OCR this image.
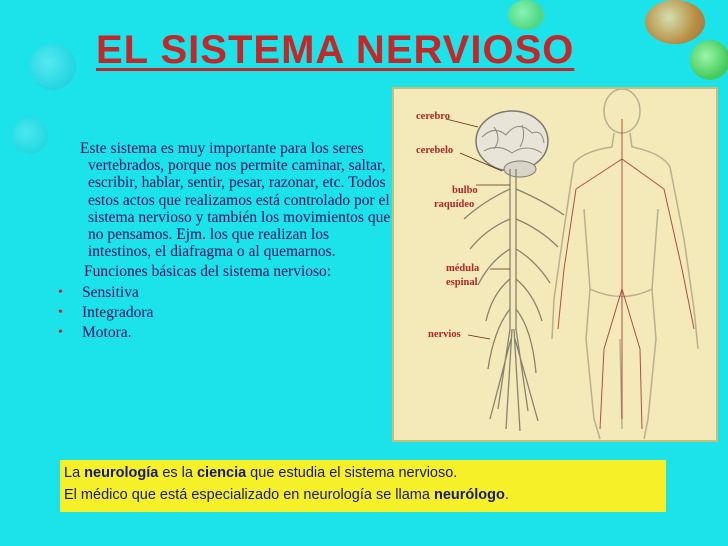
EL SISTEMA NERVIOSO

Este sistema es muy importante para los seres vertebrados, porque nos permite caminar, saltar, escribir, hablar, sentir, pesar, razonar, etc. Todos estos actos que realizamos está controlado por el sistema nervioso y también los movimientos que no pensamos. Ejm. los que realizan los intestinos, el diafragma o al quemarnos.

Funciones básicas del sistema nervioso:

• Sensitiva
• Integradora
• Motora.
cerebro
cerebelo
bulbo
raquídeo
médula
espinal
nervios
La neurología es la ciencia que estudia el sistema nervioso.
El médico que está especializado en neurología se llama neurólogo.
